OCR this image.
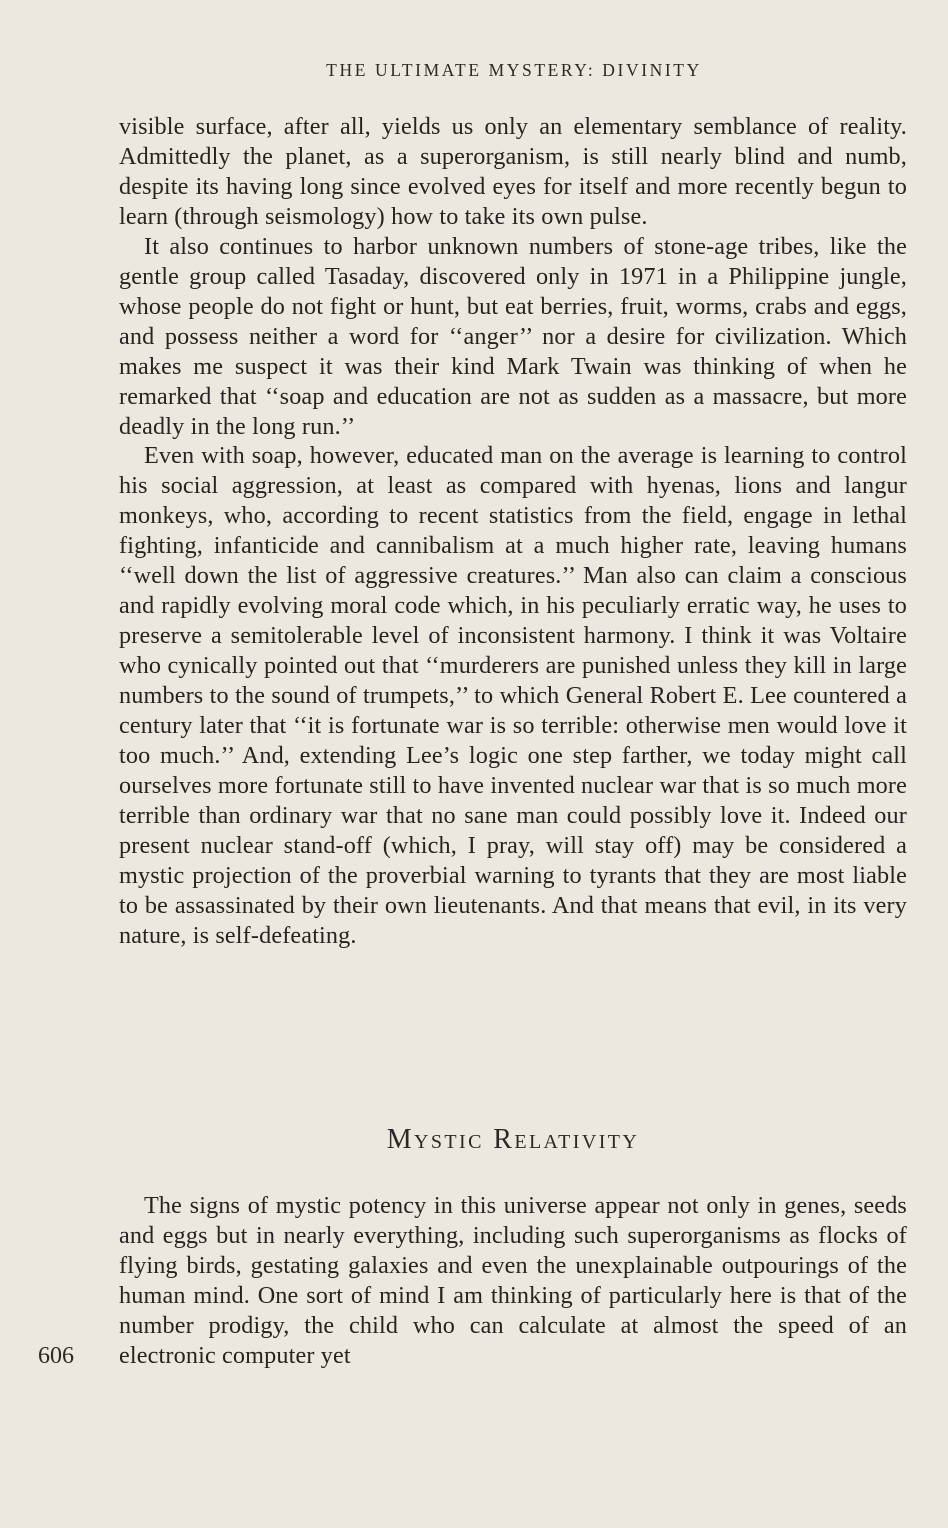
THE ULTIMATE MYSTERY: DIVINITY

visible surface, after all, yields us only an elementary semblance of reality. Admittedly the planet, as a superorganism, is still nearly blind and numb, despite its having long since evolved eyes for itself and more recently begun to learn (through seismology) how to take its own pulse.

It also continues to harbor unknown numbers of stone-age tribes, like the gentle group called Tasaday, discovered only in 1971 in a Philippine jungle, whose people do not fight or hunt, but eat berries, fruit, worms, crabs and eggs, and possess neither a word for ‘‘anger’’ nor a desire for civilization. Which makes me suspect it was their kind Mark Twain was thinking of when he remarked that ‘‘soap and education are not as sudden as a massacre, but more deadly in the long run.’’

Even with soap, however, educated man on the average is learning to control his social aggression, at least as compared with hyenas, lions and langur monkeys, who, according to recent statistics from the field, engage in lethal fighting, infanticide and cannibalism at a much higher rate, leaving humans ‘‘well down the list of aggressive creatures.’’ Man also can claim a conscious and rapidly evolving moral code which, in his peculiarly erratic way, he uses to preserve a semitolerable level of inconsistent harmony. I think it was Voltaire who cynically pointed out that ‘‘murderers are punished unless they kill in large numbers to the sound of trumpets,’’ to which General Robert E. Lee countered a century later that ‘‘it is fortunate war is so terrible: otherwise men would love it too much.’’ And, extending Lee’s logic one step farther, we today might call ourselves more fortunate still to have invented nuclear war that is so much more terrible than ordinary war that no sane man could possibly love it. Indeed our present nuclear stand-off (which, I pray, will stay off) may be considered a mystic projection of the proverbial warning to tyrants that they are most liable to be assassinated by their own lieutenants. And that means that evil, in its very nature, is self-defeating.

Mystic Relativity

The signs of mystic potency in this universe appear not only in genes, seeds and eggs but in nearly everything, including such superorganisms as flocks of flying birds, gestating galaxies and even the unexplainable outpourings of the human mind. One sort of mind I am thinking of particularly here is that of the number prodigy, the child who can calculate at almost the speed of an electronic computer yet

606
